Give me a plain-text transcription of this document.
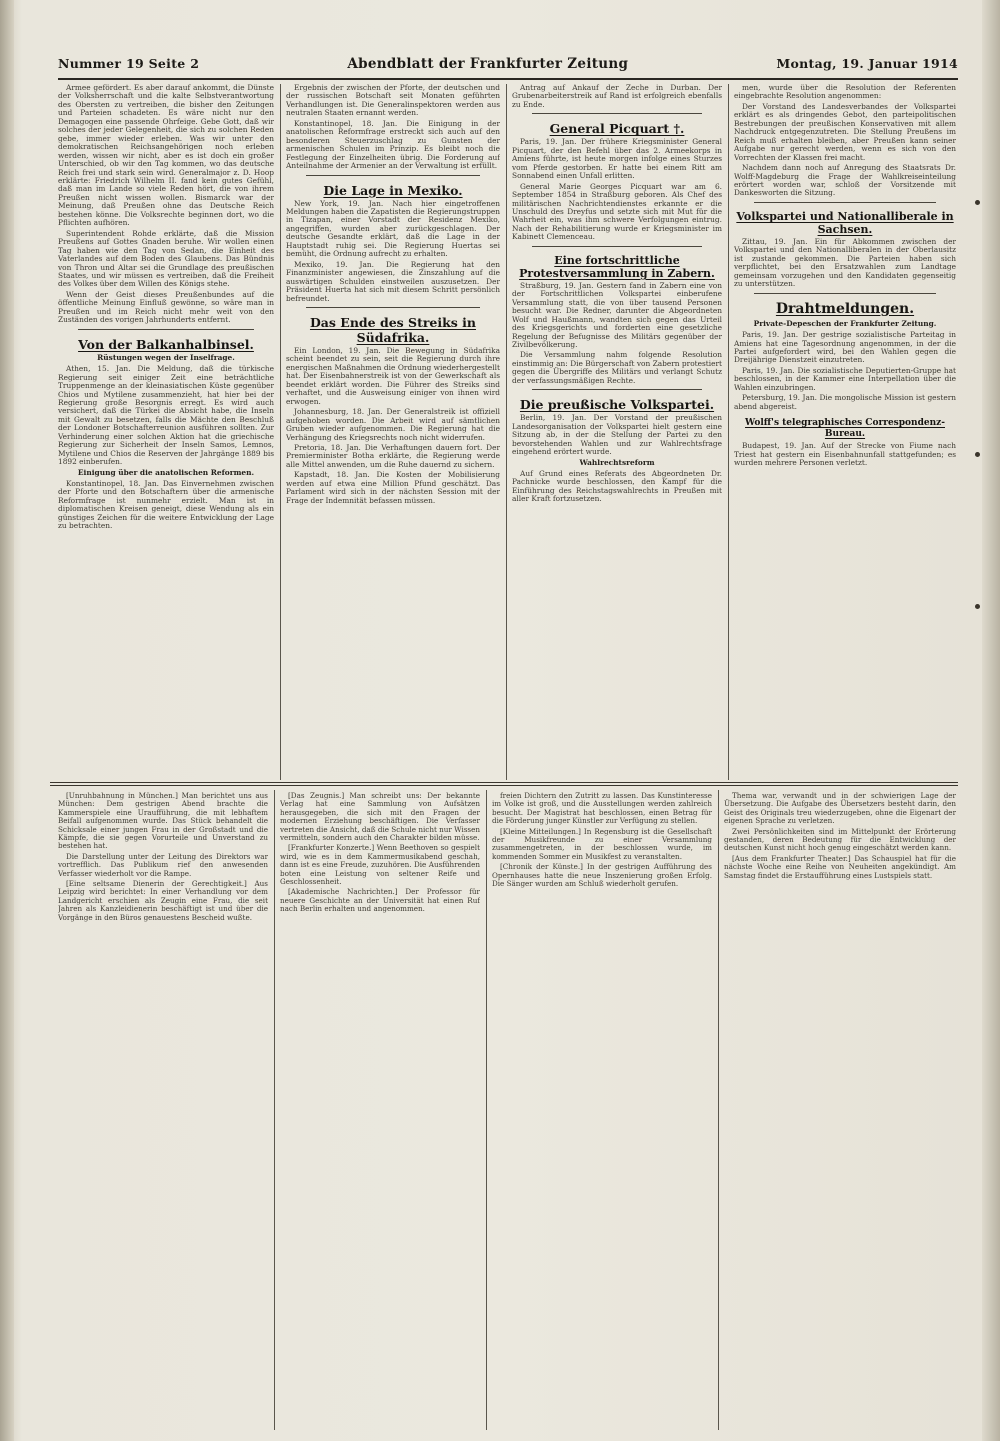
Nummer 19 Seite 2	Abendblatt der Frankfurter Zeitung	Montag, 19. Januar 1914

Armee gefördert. Es aber darauf ankommt, die Dünste der Volksherrschaft und die kalte Selbstverantwortung des Obersten zu vertreiben, die bisher den Zeitungen und Parteien schadeten. Es wäre nicht nur den Demagogen eine passende Ohrfeige. Gebe Gott, daß wir solches der jeder Gelegenheit, die sich zu solchen Reden gebe, immer wieder erleben. Was wir unter den demokratischen Reichsangehörigen noch erleben werden, wissen wir nicht, aber es ist doch ein großer Unterschied, ob wir den Tag kommen, wo das deutsche Reich frei und stark sein wird. Generalmajor z. D. Hoop erklärte: Friedrich Wilhelm II. fand kein gutes Gefühl, daß man im Lande so viele Reden hört, die von ihrem Preußen nicht wissen wollen. Bismarck war der Meinung, daß Preußen ohne das Deutsche Reich bestehen könne. Die Volksrechte beginnen dort, wo die Pflichten aufhören.

Superintendent Rohde erklärte, daß die Mission Preußens auf Gottes Gnaden beruhe. Wir wollen einen Tag haben wie den Tag von Sedan, die Einheit des Vaterlandes auf dem Boden des Glaubens. Das Bündnis von Thron und Altar sei die Grundlage des preußischen Staates, und wir müssen es vertreiben, daß die Freiheit des Volkes über dem Willen des Königs stehe.

Wenn der Geist dieses Preußenbundes auf die öffentliche Meinung Einfluß gewönne, so wäre man in Preußen und im Reich nicht mehr weit von den Zuständen des vorigen Jahrhunderts entfernt.

Von der Balkanhalbinsel.
Rüstungen wegen der Inselfrage.

Athen, 15. Jan. Die Meldung, daß die türkische Regierung seit einiger Zeit eine beträchtliche Truppenmenge an der kleinasiatischen Küste gegenüber Chios und Mytilene zusammenzieht, hat hier bei der Regierung große Besorgnis erregt. Es wird auch versichert, daß die Türkei die Absicht habe, die Inseln mit Gewalt zu besetzen, falls die Mächte den Beschluß der Londoner Botschafterreunion ausführen sollten. Zur Verhinderung einer solchen Aktion hat die griechische Regierung zur Sicherheit der Inseln Samos, Lemnos, Mytilene und Chios die Reserven der Jahrgänge 1889 bis 1892 einberufen.

Einigung über die anatolischen Reformen.

Konstantinopel, 18. Jan. Das Einvernehmen zwischen der Pforte und den Botschaftern über die armenische Reformfrage ist nunmehr erzielt. Man ist in diplomatischen Kreisen geneigt, diese Wendung als ein günstiges Zeichen für die weitere Entwicklung der Lage zu betrachten.

Ergebnis der zwischen der Pforte, der deutschen und der russischen Botschaft seit Monaten geführten Verhandlungen ist. Die Generalinspektoren werden aus neutralen Staaten ernannt werden.

Konstantinopel, 18. Jan. Die Einigung in der anatolischen Reformfrage erstreckt sich auch auf den besonderen Steuerzuschlag zu Gunsten der armenischen Schulen im Prinzip. Es bleibt noch die Festlegung der Einzelheiten übrig. Die Forderung auf Anteilnahme der Armenier an der Verwaltung ist erfüllt.

Die Lage in Mexiko.

New York, 19. Jan. Nach hier eingetroffenen Meldungen haben die Zapatisten die Regierungstruppen in Tizapan, einer Vorstadt der Residenz Mexiko, angegriffen, wurden aber zurückgeschlagen. Der deutsche Gesandte erklärt, daß die Lage in der Hauptstadt ruhig sei. Die Regierung Huertas sei bemüht, die Ordnung aufrecht zu erhalten.

Mexiko, 19. Jan. Die Regierung hat den Finanzminister angewiesen, die Zinszahlung auf die auswärtigen Schulden einstweilen auszusetzen. Der Präsident Huerta hat sich mit diesem Schritt persönlich befreundet.

Das Ende des Streiks in Südafrika.

Ein London, 19. Jan. Die Bewegung in Südafrika scheint beendet zu sein, seit die Regierung durch ihre energischen Maßnahmen die Ordnung wiederhergestellt hat. Der Eisenbahnerstreik ist von der Gewerkschaft als beendet erklärt worden. Die Führer des Streiks sind verhaftet, und die Ausweisung einiger von ihnen wird erwogen.

Johannesburg, 18. Jan. Der Generalstreik ist offiziell aufgehoben worden. Die Arbeit wird auf sämtlichen Gruben wieder aufgenommen. Die Regierung hat die Verhängung des Kriegsrechts noch nicht widerrufen.

Pretoria, 18. Jan. Die Verhaftungen dauern fort. Der Premierminister Botha erklärte, die Regierung werde alle Mittel anwenden, um die Ruhe dauernd zu sichern.

Kapstadt, 18. Jan. Die Kosten der Mobilisierung werden auf etwa eine Million Pfund geschätzt. Das Parlament wird sich in der nächsten Session mit der Frage der Indemnität befassen müssen.

Antrag auf Ankauf der Zeche in Durban. Der Grubenarbeiterstreik auf Rand ist erfolgreich ebenfalls zu Ende.

General Picquart †.

Paris, 19. Jan. Der frühere Kriegsminister General Picquart, der den Befehl über das 2. Armeekorps in Amiens führte, ist heute morgen infolge eines Sturzes vom Pferde gestorben. Er hatte bei einem Ritt am Sonnabend einen Unfall erlitten.

General Marie Georges Picquart war am 6. September 1854 in Straßburg geboren. Als Chef des militärischen Nachrichtendienstes erkannte er die Unschuld des Dreyfus und setzte sich mit Mut für die Wahrheit ein, was ihm schwere Verfolgungen eintrug. Nach der Rehabilitierung wurde er Kriegsminister im Kabinett Clemenceau.

Eine fortschrittliche Protestversammlung in Zabern.

Straßburg, 19. Jan. Gestern fand in Zabern eine von der Fortschrittlichen Volkspartei einberufene Versammlung statt, die von über tausend Personen besucht war. Die Redner, darunter die Abgeordneten Wolf und Haußmann, wandten sich gegen das Urteil des Kriegsgerichts und forderten eine gesetzliche Regelung der Befugnisse des Militärs gegenüber der Zivilbevölkerung.

Die Versammlung nahm folgende Resolution einstimmig an: Die Bürgerschaft von Zabern protestiert gegen die Übergriffe des Militärs und verlangt Schutz der verfassungsmäßigen Rechte.

Die preußische Volkspartei.

Berlin, 19. Jan. Der Vorstand der preußischen Landesorganisation der Volkspartei hielt gestern eine Sitzung ab, in der die Stellung der Partei zu den bevorstehenden Wahlen und zur Wahlrechtsfrage eingehend erörtert wurde.

Wahlrechtsreform

Auf Grund eines Referats des Abgeordneten Dr. Pachnicke wurde beschlossen, den Kampf für die Einführung des Reichstagswahlrechts in Preußen mit aller Kraft fortzusetzen.

men, wurde über die Resolution der Referenten eingebrachte Resolution angenommen:

Der Vorstand des Landesverbandes der Volkspartei erklärt es als dringendes Gebot, den parteipolitischen Bestrebungen der preußischen Konservativen mit allem Nachdruck entgegenzutreten. Die Stellung Preußens im Reich muß erhalten bleiben, aber Preußen kann seiner Aufgabe nur gerecht werden, wenn es sich von den Vorrechten der Klassen frei macht.

Nachdem dann noch auf Anregung des Staatsrats Dr. Wolff-Magdeburg die Frage der Wahlkreiseinteilung erörtert worden war, schloß der Vorsitzende mit Dankesworten die Sitzung.

Volkspartei und Nationalliberale in Sachsen.

Zittau, 19. Jan. Ein für Abkommen zwischen der Volkspartei und den Nationalliberalen in der Oberlausitz ist zustande gekommen. Die Parteien haben sich verpflichtet, bei den Ersatzwahlen zum Landtage gemeinsam vorzugehen und den Kandidaten gegenseitig zu unterstützen.

Drahtmeldungen.
Private-Depeschen der Frankfurter Zeitung.

Paris, 19. Jan. Der gestrige sozialistische Parteitag in Amiens hat eine Tagesordnung angenommen, in der die Partei aufgefordert wird, bei den Wahlen gegen die Dreijährige Dienstzeit einzutreten.

Paris, 19. Jan. Die sozialistische Deputierten-Gruppe hat beschlossen, in der Kammer eine Interpellation über die Wahlen einzubringen.

Petersburg, 19. Jan. Die mongolische Mission ist gestern abend abgereist.

Wolff's telegraphisches Correspondenz-Bureau.

Budapest, 19. Jan. Auf der Strecke von Fiume nach Triest hat gestern ein Eisenbahnunfall stattgefunden; es wurden mehrere Personen verletzt.

[Unruhbahnung in München.] Man berichtet uns aus München: Dem gestrigen Abend brachte die Kammerspiele eine Uraufführung, die mit lebhaftem Beifall aufgenommen wurde. Das Stück behandelt die Schicksale einer jungen Frau in der Großstadt und die Kämpfe, die sie gegen Vorurteile und Unverstand zu bestehen hat.

Die Darstellung unter der Leitung des Direktors war vortrefflich. Das Publikum rief den anwesenden Verfasser wiederholt vor die Rampe.

[Eine seltsame Dienerin der Gerechtigkeit.] Aus Leipzig wird berichtet: In einer Verhandlung vor dem Landgericht erschien als Zeugin eine Frau, die seit Jahren als Kanzleidienerin beschäftigt ist und über die Vorgänge in den Büros genauestens Bescheid wußte.

[Das Zeugnis.] Man schreibt uns: Der bekannte Verlag hat eine Sammlung von Aufsätzen herausgegeben, die sich mit den Fragen der modernen Erziehung beschäftigen. Die Verfasser vertreten die Ansicht, daß die Schule nicht nur Wissen vermitteln, sondern auch den Charakter bilden müsse.

[Frankfurter Konzerte.] Wenn Beethoven so gespielt wird, wie es in dem Kammermusikabend geschah, dann ist es eine Freude, zuzuhören. Die Ausführenden boten eine Leistung von seltener Reife und Geschlossenheit.

[Akademische Nachrichten.] Der Professor für neuere Geschichte an der Universität hat einen Ruf nach Berlin erhalten und angenommen.

freien Dichtern den Zutritt zu lassen. Das Kunstinteresse im Volke ist groß, und die Ausstellungen werden zahlreich besucht. Der Magistrat hat beschlossen, einen Betrag für die Förderung junger Künstler zur Verfügung zu stellen.

[Kleine Mitteilungen.] In Regensburg ist die Gesellschaft der Musikfreunde zu einer Versammlung zusammengetreten, in der beschlossen wurde, im kommenden Sommer ein Musikfest zu veranstalten.

[Chronik der Künste.] In der gestrigen Aufführung des Opernhauses hatte die neue Inszenierung großen Erfolg. Die Sänger wurden am Schluß wiederholt gerufen.

Thema war, verwandt und in der schwierigen Lage der Übersetzung. Die Aufgabe des Übersetzers besteht darin, den Geist des Originals treu wiederzugeben, ohne die Eigenart der eigenen Sprache zu verletzen.

Zwei Persönlichkeiten sind im Mittelpunkt der Erörterung gestanden, deren Bedeutung für die Entwicklung der deutschen Kunst nicht hoch genug eingeschätzt werden kann.

[Aus dem Frankfurter Theater.] Das Schauspiel hat für die nächste Woche eine Reihe von Neuheiten angekündigt. Am Samstag findet die Erstaufführung eines Lustspiels statt.
